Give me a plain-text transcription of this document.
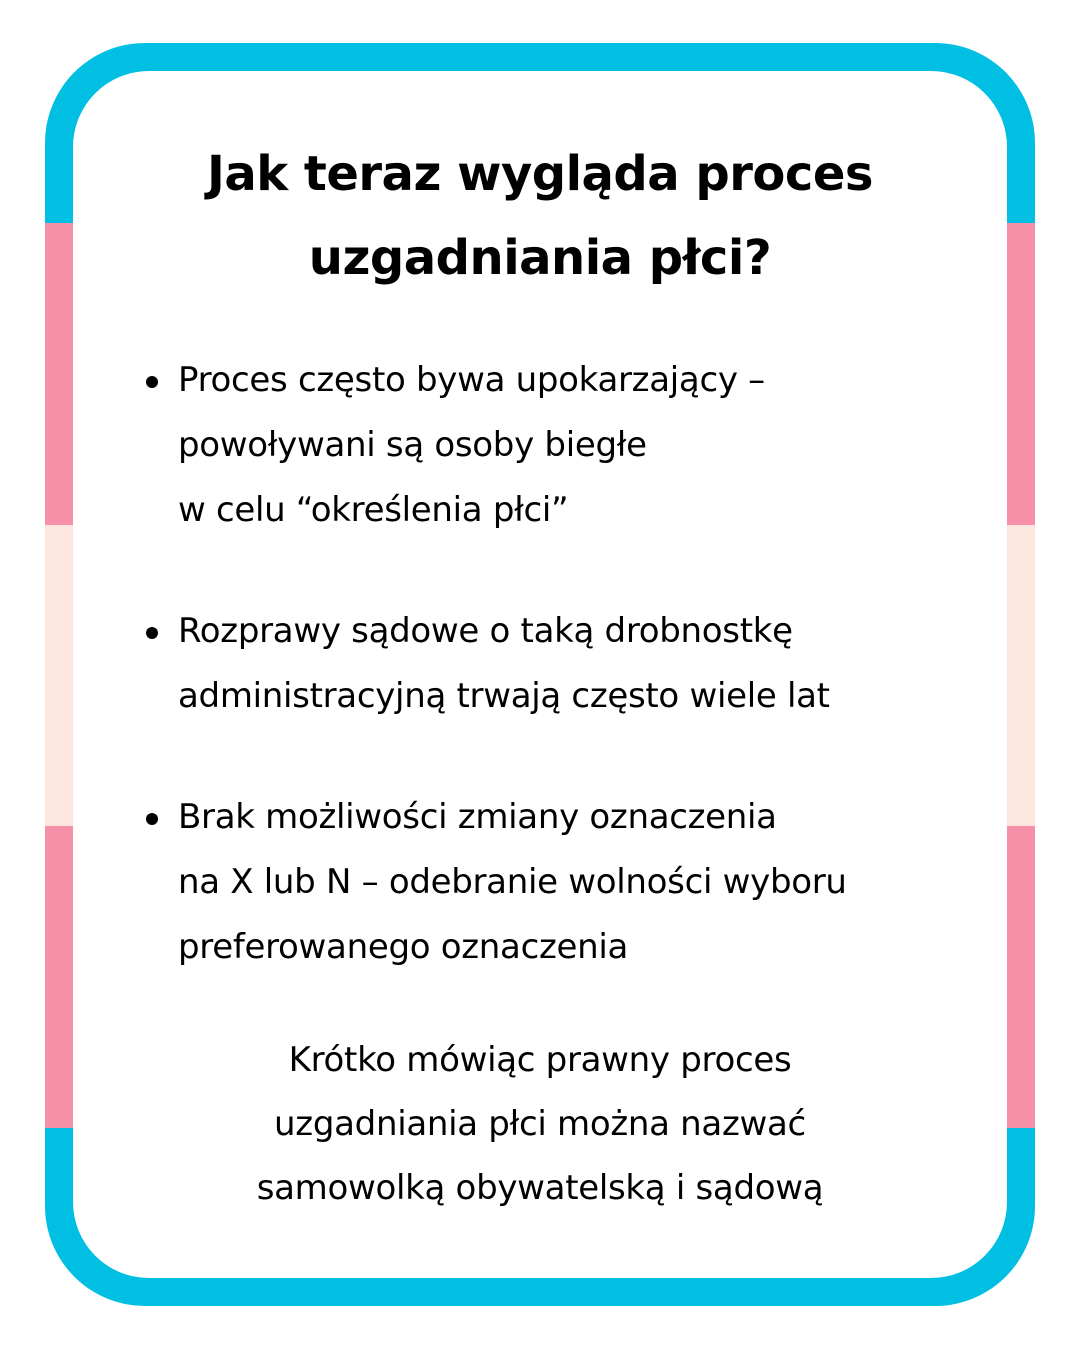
Jak teraz wygląda proces
uzgadniania płci?
Proces często bywa upokarzający –
powoływani są osoby biegłe
w celu “określenia płci”
Rozprawy sądowe o taką drobnostkę
administracyjną trwają często wiele lat
Brak możliwości zmiany oznaczenia
na X lub N – odebranie wolności wyboru
preferowanego oznaczenia

Krótko mówiąc prawny proces
uzgadniania płci można nazwać
samowolką obywatelską i sądową
